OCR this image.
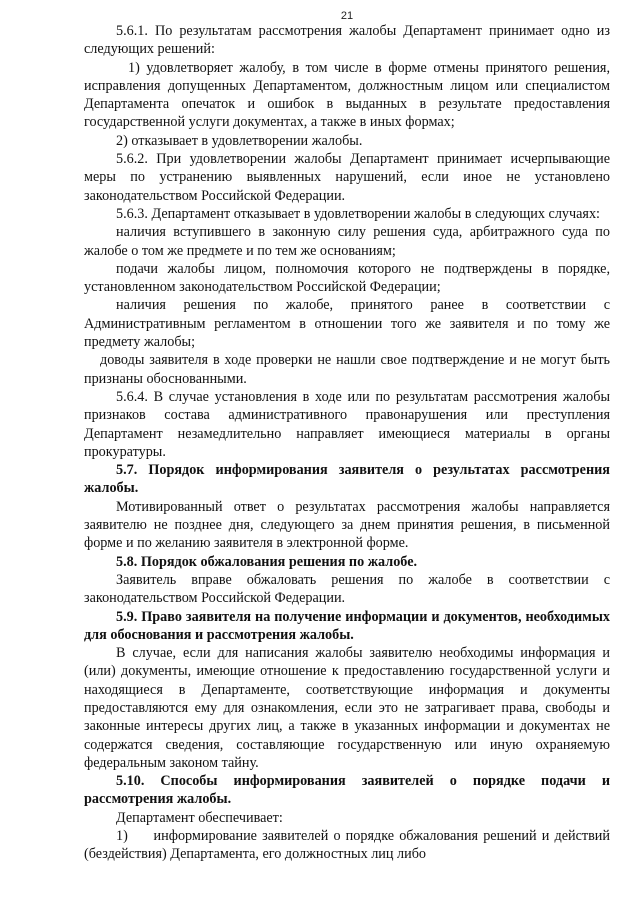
21

5.6.1. По результатам рассмотрения жалобы Департамент принимает одно из следующих решений:

1) удовлетворяет жалобу, в том числе в форме отмены принятого решения, исправления допущенных Департаментом, должностным лицом или специалистом Департамента опечаток и ошибок в выданных в результате предоставления государственной услуги документах, а также в иных формах;

2) отказывает в удовлетворении жалобы.

5.6.2. При удовлетворении жалобы Департамент принимает исчерпывающие меры по устранению выявленных нарушений, если иное не установлено законодательством Российской Федерации.

5.6.3. Департамент отказывает в удовлетворении жалобы в следующих случаях:

наличия вступившего в законную силу решения суда, арбитражного суда по жалобе о том же предмете и по тем же основаниям;

подачи жалобы лицом, полномочия которого не подтверждены в порядке, установленном законодательством Российской Федерации;

наличия решения по жалобе, принятого ранее в соответствии с Административным регламентом в отношении того же заявителя и по тому же предмету жалобы;

доводы заявителя в ходе проверки не нашли свое подтверждение и не могут быть признаны обоснованными.

5.6.4. В случае установления в ходе или по результатам рассмотрения жалобы признаков состава административного правонарушения или преступления Департамент незамедлительно направляет имеющиеся материалы в органы прокуратуры.

5.7. Порядок информирования заявителя о результатах рассмотрения жалобы.

Мотивированный ответ о результатах рассмотрения жалобы направляется заявителю не позднее дня, следующего за днем принятия решения, в письменной форме и по желанию заявителя в электронной форме.

5.8. Порядок обжалования решения по жалобе.

Заявитель вправе обжаловать решения по жалобе в соответствии с законодательством Российской Федерации.

5.9. Право заявителя на получение информации и документов, необходимых для обоснования и рассмотрения жалобы.

В случае, если для написания жалобы заявителю необходимы информация и (или) документы, имеющие отношение к предоставлению государственной услуги и находящиеся в Департаменте, соответствующие информация и документы предоставляются ему для ознакомления, если это не затрагивает права, свободы и законные интересы других лиц, а также в указанных информации и документах не содержатся сведения, составляющие государственную или иную охраняемую федеральным законом тайну.

5.10. Способы информирования заявителей о порядке подачи и рассмотрения жалобы.

Департамент обеспечивает:

1)     информирование заявителей о порядке обжалования решений и действий (бездействия) Департамента, его должностных лиц либо
